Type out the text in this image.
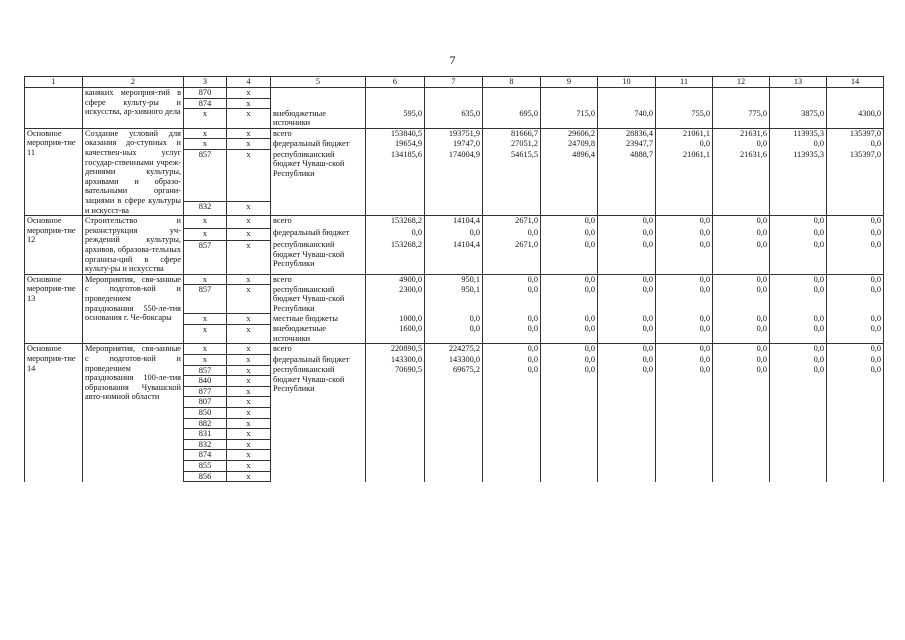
7
1	2	3	4	5	6	7	8	9	10	11	12	13	14
	каняких мероприя-тий в сфере культу-ры и искусства, ар-хивного дела	870	x										
		874	x										
		x	x	внебюджетные источники	595,0	635,0	695,0	715,0	740,0	755,0	775,0	3875,0	4300,0
Основное мероприя-тие 11	Создание условий для оказания до-ступных и качествен-ных услуг государ-ственными учреж-дениями культуры, архивами и образо-вательными органи-зациями в сфере культуры и искусст-ва	x	x	всего	153840,5	193751,9	81666,7	29606,2	28836,4	21061,1	21631,6	113935,3	135397,0
		x	x	федеральный бюджет	19654,9	19747,0	27051,2	24709,8	23947,7	0,0	0,0	0,0	0,0
		857	x	республиканский бюджет Чуваш-ской Республики	134185,6	174004,9	54615,5	4896,4	4888,7	21061,1	21631,6	113935,3	135397,0
		832	x										
Основное мероприя-тие 12	Строительство и реконструкция уч-реждений культуры, архивов, образова-тельных организа-ций в сфере культу-ры и искусства	x	x	всего	153268,2	14104,4	2671,0	0,0	0,0	0,0	0,0	0,0	0,0
		x	x	федеральный бюджет	0,0	0,0	0,0	0,0	0,0	0,0	0,0	0,0	0,0
		857	x	республиканский бюджет Чуваш-ской Республики	153268,2	14104,4	2671,0	0,0	0,0	0,0	0,0	0,0	0,0
Основное мероприя-тие 13	Мероприятия, свя-занные с подготов-кой и проведением празднования 550-ле-тия основания г. Че-боксары	x	x	всего	4900,0	950,1	0,0	0,0	0,0	0,0	0,0	0,0	0,0
		857	x	республиканский бюджет Чуваш-ской Республики	2300,0	950,1	0,0	0,0	0,0	0,0	0,0	0,0	0,0
		x	x	местные бюджеты	1000,0	0,0	0,0	0,0	0,0	0,0	0,0	0,0	0,0
		x	x	внебюджетные источники	1600,0	0,0	0,0	0,0	0,0	0,0	0,0	0,0	0,0
Основное мероприя-тие 14	Мероприятия, свя-занные с подготов-кой и проведением празднования 100-ле-тия образования Чувашской авто-номной области	x	x	всего	220890,5	224275,2	0,0	0,0	0,0	0,0	0,0	0,0	0,0
		x	x	федеральный бюджет	143300,0	143300,0	0,0	0,0	0,0	0,0	0,0	0,0	0,0
		857	x	республиканский бюджет Чуваш-ской Республики	70690,5	69675,2	0,0	0,0	0,0	0,0	0,0	0,0	0,0
		840	x										
		877	x										
		807	x										
		850	x										
		882	x										
		831	x										
		832	x										
		874	x										
		855	x										
		856	x										
